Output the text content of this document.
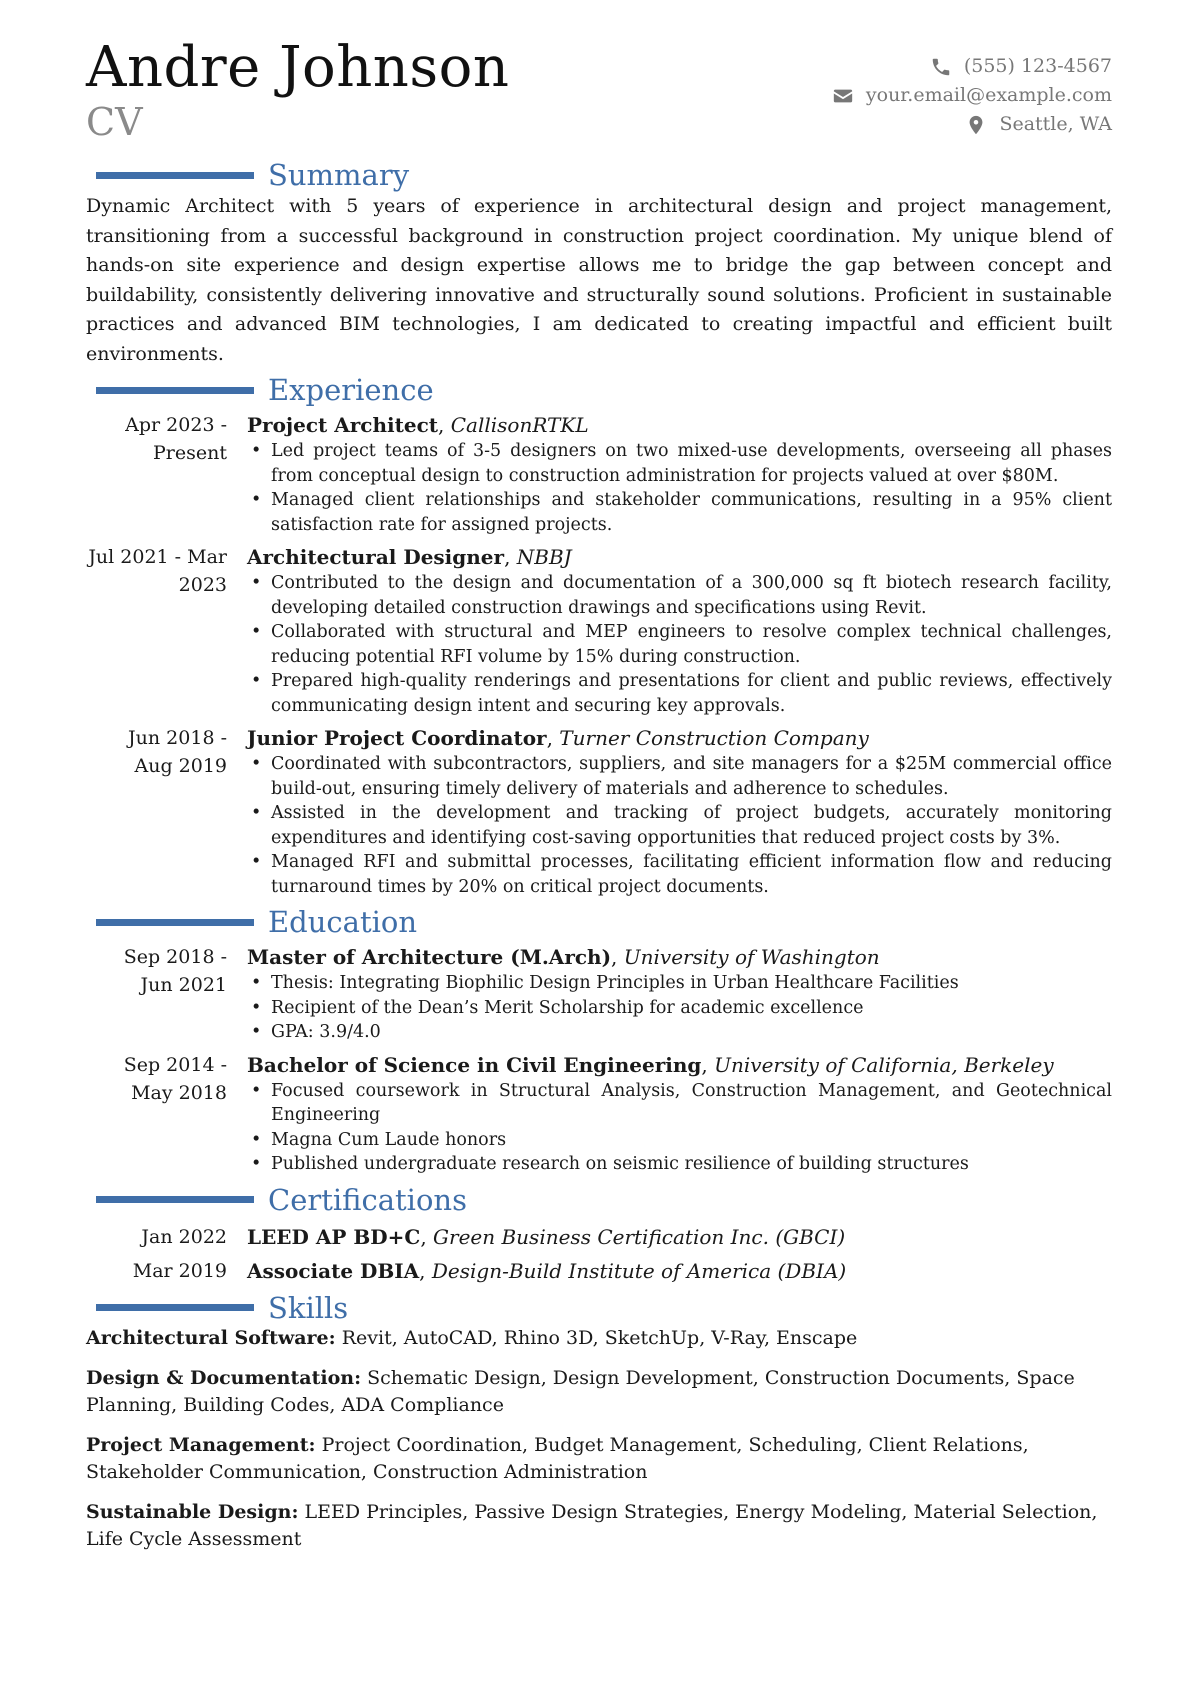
Andre Johnson
CV
(555) 123-4567
your.email@example.com
Seattle, WA
Summary

Dynamic Architect with 5 years of experience in architectural design and project management, transitioning from a successful background in construction project coordination. My unique blend of hands-on site experience and design expertise allows me to bridge the gap between concept and buildability, consistently delivering innovative and structurally sound solutions. Proficient in sustainable practices and advanced BIM technologies, I am dedicated to creating impactful and efficient built environments.

Experience
Apr 2023 - Present
Project Architect, CallisonRTKL
• Led project teams of 3-5 designers on two mixed-use developments, overseeing all phases from conceptual design to construction administration for projects valued at over $80M.
• Managed client relationships and stakeholder communications, resulting in a 95% client satisfaction rate for assigned projects.
Jul 2021 - Mar 2023
Architectural Designer, NBBJ
• Contributed to the design and documentation of a 300,000 sq ft biotech research facility, developing detailed construction drawings and specifications using Revit.
• Collaborated with structural and MEP engineers to resolve complex technical challenges, reducing potential RFI volume by 15% during construction.
• Prepared high-quality renderings and presentations for client and public reviews, effectively communicating design intent and securing key approvals.
Jun 2018 - Aug 2019
Junior Project Coordinator, Turner Construction Company
• Coordinated with subcontractors, suppliers, and site managers for a $25M commercial office build-out, ensuring timely delivery of materials and adherence to schedules.
• Assisted in the development and tracking of project budgets, accurately monitoring expenditures and identifying cost-saving opportunities that reduced project costs by 3%.
• Managed RFI and submittal processes, facilitating efficient information flow and reducing turnaround times by 20% on critical project documents.
Education
Sep 2018 - Jun 2021
Master of Architecture (M.Arch), University of Washington
• Thesis: Integrating Biophilic Design Principles in Urban Healthcare Facilities
• Recipient of the Dean’s Merit Scholarship for academic excellence
• GPA: 3.9/4.0
Sep 2014 - May 2018
Bachelor of Science in Civil Engineering, University of California, Berkeley
• Focused coursework in Structural Analysis, Construction Management, and Geotechnical Engineering
• Magna Cum Laude honors
• Published undergraduate research on seismic resilience of building structures
Certifications
Jan 2022	LEED AP BD+C, Green Business Certification Inc. (GBCI)
Mar 2019	Associate DBIA, Design-Build Institute of America (DBIA)
Skills

Architectural Software: Revit, AutoCAD, Rhino 3D, SketchUp, V-Ray, Enscape

Design & Documentation: Schematic Design, Design Development, Construction Documents, Space Planning, Building Codes, ADA Compliance

Project Management: Project Coordination, Budget Management, Scheduling, Client Relations, Stakeholder Communication, Construction Administration

Sustainable Design: LEED Principles, Passive Design Strategies, Energy Modeling, Material Selection, Life Cycle Assessment
